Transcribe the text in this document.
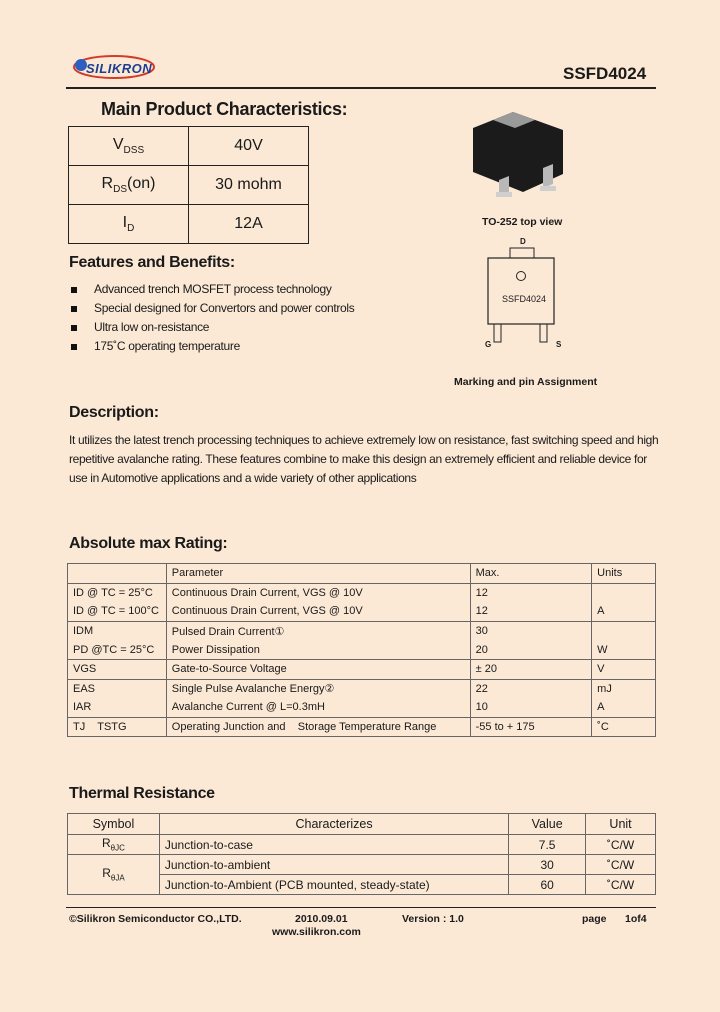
SILIKRON	SSFD4024
Main Product Characteristics:
$V_{DSS}$	40V
$R_{DS}(on)$	30 mohm
$I_D$	12A	TO-252 top view
D
SSFD4024
G	S
Marking and pin Assignment
Features and Benefits:
Advanced trench MOSFET process technology
Special designed for Convertors and power controls
Ultra low on-resistance
175˚C operating temperature
Description:

It utilizes the latest trench processing techniques to achieve extremely low on resistance, fast switching speed and high repetitive avalanche rating. These features combine to make this design an extremely efficient and reliable device for use in Automotive applications and a wide variety of other applications

Absolute max Rating:
	Parameter	Max.	Units
ID @ TC = 25°C	Continuous Drain Current, VGS @ 10V	12	
ID @ TC = 100°C	Continuous Drain Current, VGS @ 10V	12	A
IDM	Pulsed Drain Current①	30	
PD @TC = 25°C	Power Dissipation	20	W
VGS	Gate-to-Source Voltage	± 20	V
EAS	Single Pulse Avalanche Energy②	22	mJ
IAR	Avalanche Current @ L=0.3mH	10	A
TJ    TSTG	Operating Junction and    Storage Temperature Range	-55 to + 175	˚C
Thermal Resistance
Symbol	Characterizes	Value	Unit
$R_{\theta JC}$	Junction-to-case	7.5	˚C/W
$R_{\theta JA}$	Junction-to-ambient	30	˚C/W
	Junction-to-Ambient (PCB mounted, steady-state)	60	˚C/W
©Silikron Semiconductor CO.,LTD.	2010.09.01	Version : 1.0	page 1of4
www.silikron.com
